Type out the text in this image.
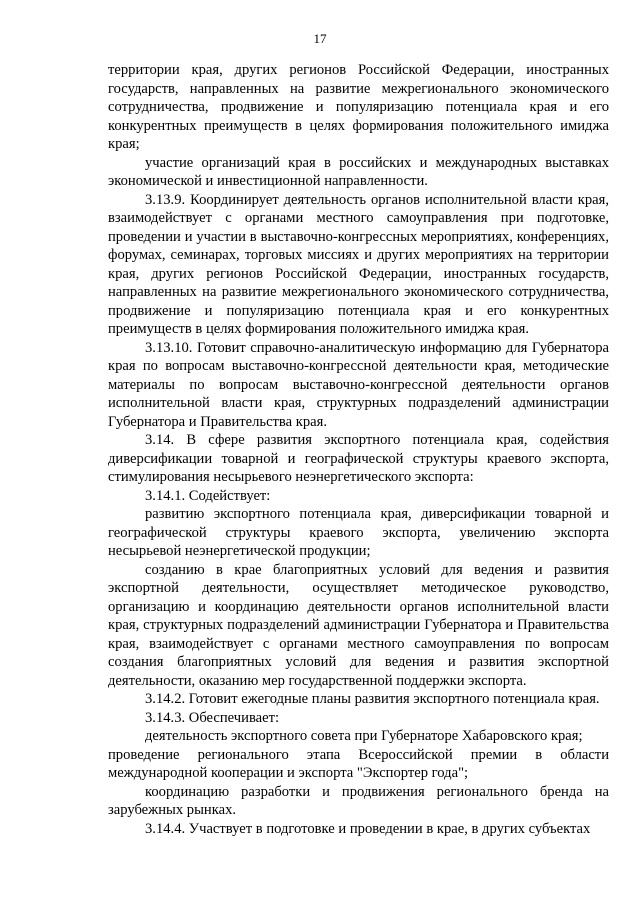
17

территории края, других регионов Российской Федерации, иностранных государств, направленных на развитие межрегионального экономического сотрудничества, продвижение и популяризацию потенциала края и его конкурентных преимуществ в целях формирования положительного имиджа края;

участие организаций края в российских и международных выставках экономической и инвестиционной направленности.

3.13.9. Координирует деятельность органов исполнительной власти края, взаимодействует с органами местного самоуправления при подготовке, проведении и участии в выставочно-конгрессных мероприятиях, конференциях, форумах, семинарах, торговых миссиях и других мероприятиях на территории края, других регионов Российской Федерации, иностранных государств, направленных на развитие межрегионального экономического сотрудничества, продвижение и популяризацию потенциала края и его конкурентных преимуществ в целях формирования положительного имиджа края.

3.13.10. Готовит справочно-аналитическую информацию для Губернатора края по вопросам выставочно-конгрессной деятельности края, методические материалы по вопросам выставочно-конгрессной деятельности органов исполнительной власти края, структурных подразделений администрации Губернатора и Правительства края.

3.14. В сфере развития экспортного потенциала края, содействия диверсификации товарной и географической структуры краевого экспорта, стимулирования несырьевого неэнергетического экспорта:

3.14.1. Содействует:

развитию экспортного потенциала края, диверсификации товарной и географической структуры краевого экспорта, увеличению экспорта несырьевой неэнергетической продукции;

созданию в крае благоприятных условий для ведения и развития экспортной деятельности, осуществляет методическое руководство, организацию и координацию деятельности органов исполнительной власти края, структурных подразделений администрации Губернатора и Правительства края, взаимодействует с органами местного самоуправления по вопросам создания благоприятных условий для ведения и развития экспортной деятельности, оказанию мер государственной поддержки экспорта.

3.14.2. Готовит ежегодные планы развития экспортного потенциала края.

3.14.3. Обеспечивает:

деятельность экспортного совета при Губернаторе Хабаровского края;

проведение регионального этапа Всероссийской премии в области международной кооперации и экспорта "Экспортер года";

координацию разработки и продвижения регионального бренда на зарубежных рынках.

3.14.4. Участвует в подготовке и проведении в крае, в других субъектах
